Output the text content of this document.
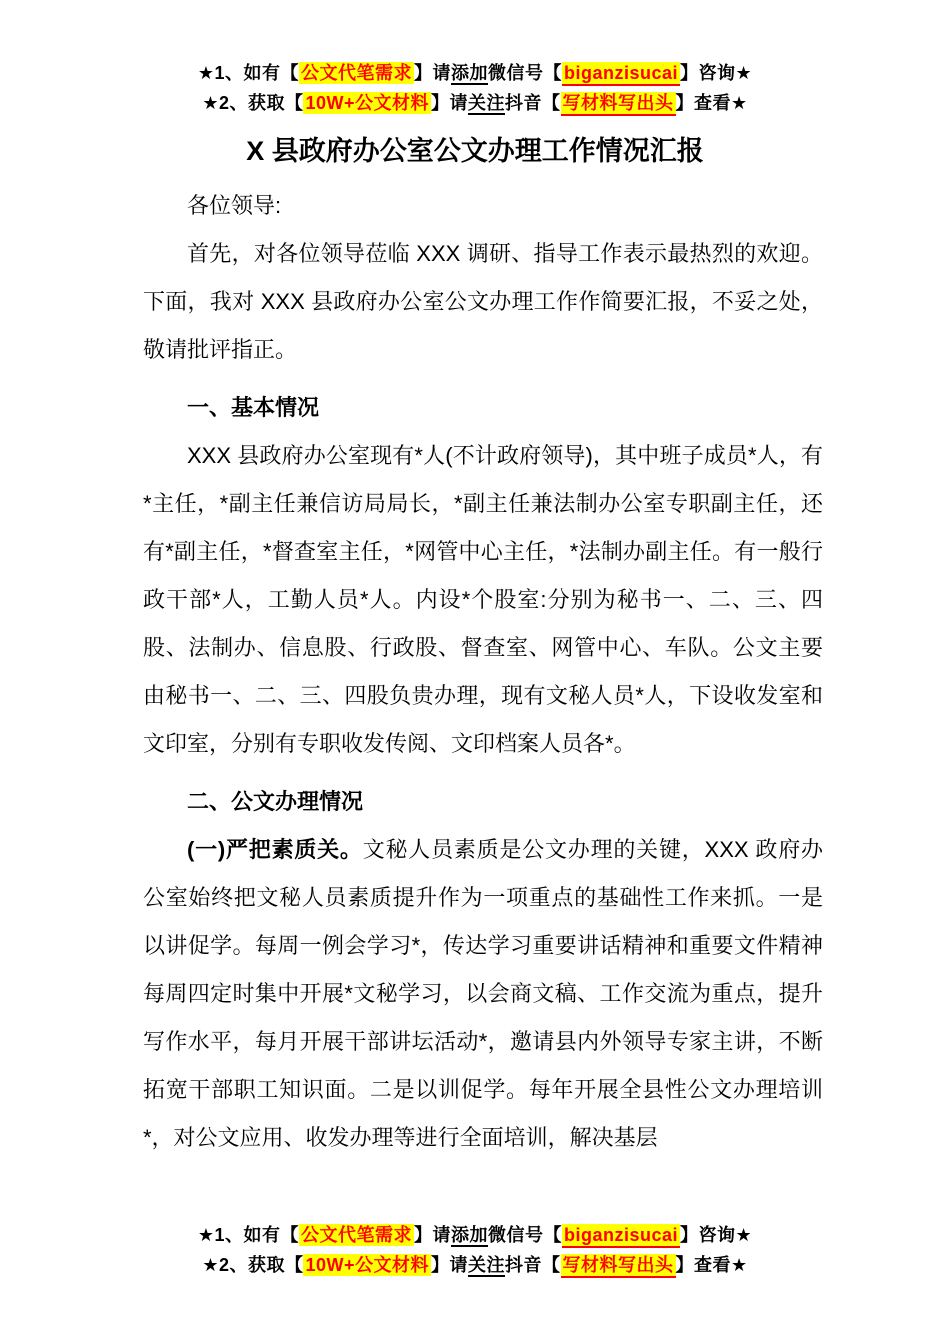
★1、如有【 公文代笔需求 】请添加微信号【 biganzisucai 】咨询★
★2、获取【 10W+公文材料 】请关注抖音【 写材料写出头 】查看★
X 县政府办公室公文办理工作情况汇报

各位领导:

首先，对各位领导莅临 XXX 调研、指导工作表示最热烈的欢迎。下面，我对 XXX 县政府办公室公文办理工作作简要汇报，不妥之处，敬请批评指正。

一、基本情况

XXX 县政府办公室现有*人(不计政府领导)，其中班子成员*人，有*主任，*副主任兼信访局局长，*副主任兼法制办公室专职副主任，还有*副主任，*督查室主任，*网管中心主任，*法制办副主任。有一般行政干部*人，工勤人员*人。内设*个股室:分别为秘书一、二、三、四股、法制办、信息股、行政股、督查室、网管中心、车队。公文主要由秘书一、二、三、四股负贵办理，现有文秘人员*人，下设收发室和文印室，分别有专职收发传阅、文印档案人员各*。

二、公文办理情况

(一)严把素质关。文秘人员素质是公文办理的关键，XXX 政府办公室始终把文秘人员素质提升作为一项重点的基础性工作来抓。一是以讲促学。每周一例会学习*，传达学习重要讲话精神和重要文件精神每周四定时集中开展*文秘学习，以会商文稿、工作交流为重点，提升写作水平，每月开展干部讲坛活动*，邀请县内外领导专家主讲，不断拓宽干部职工知识面。二是以训促学。每年开展全县性公文办理培训*，对公文应用、收发办理等进行全面培训，解决基层

★1、如有【 公文代笔需求 】请添加微信号【 biganzisucai 】咨询★
★2、获取【 10W+公文材料 】请关注抖音【 写材料写出头 】查看★
